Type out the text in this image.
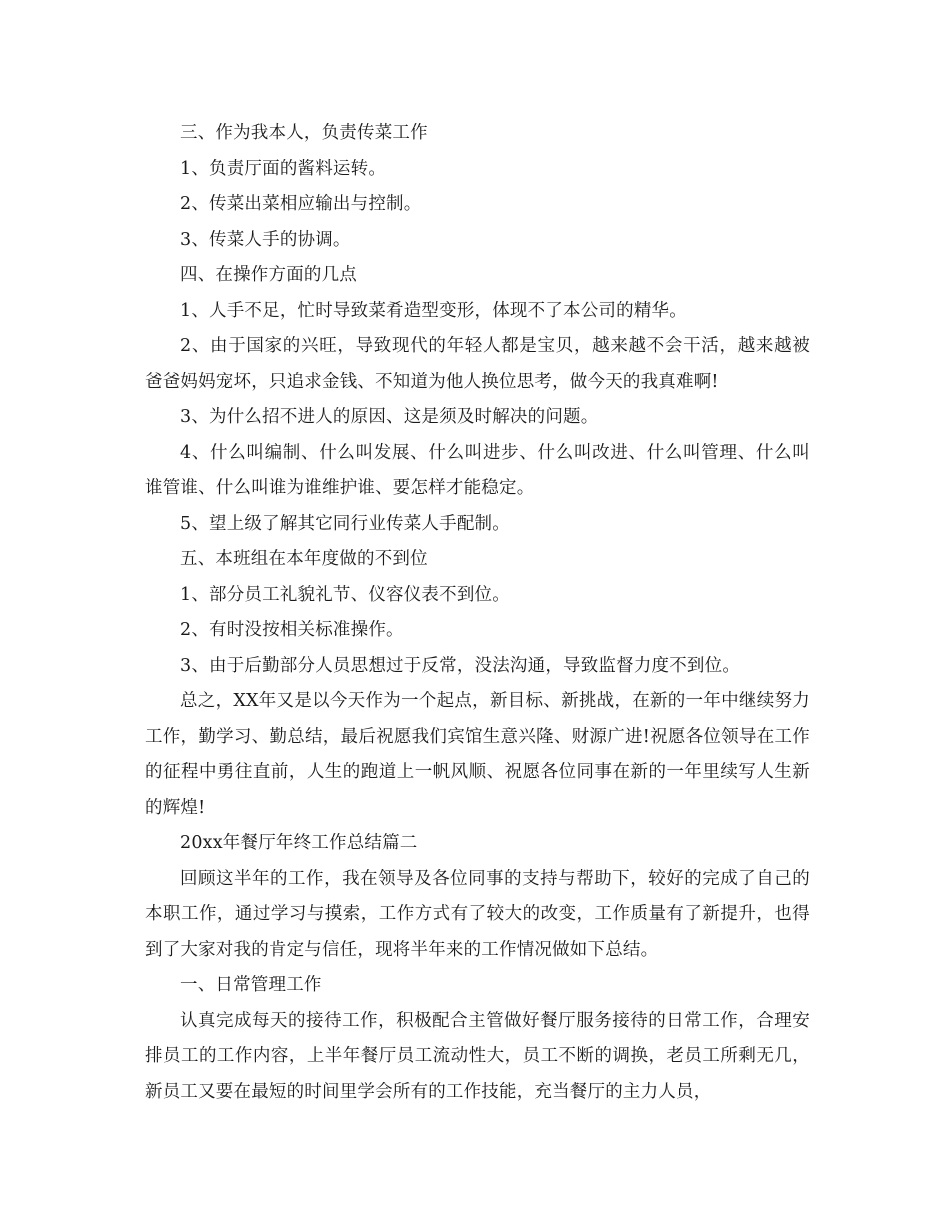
三、作为我本人，负责传菜工作

1、负责厅面的酱料运转。

2、传菜出菜相应输出与控制。

3、传菜人手的协调。

四、在操作方面的几点

1、人手不足，忙时导致菜肴造型变形，体现不了本公司的精华。

2、由于国家的兴旺，导致现代的年轻人都是宝贝，越来越不会干活，越来越被爸爸妈妈宠坏，只追求金钱、不知道为他人换位思考，做今天的我真难啊!

3、为什么招不进人的原因、这是须及时解决的问题。

4、什么叫编制、什么叫发展、什么叫进步、什么叫改进、什么叫管理、什么叫谁管谁、什么叫谁为谁维护谁、要怎样才能稳定。

5、望上级了解其它同行业传菜人手配制。

五、本班组在本年度做的不到位

1、部分员工礼貌礼节、仪容仪表不到位。

2、有时没按相关标准操作。

3、由于后勤部分人员思想过于反常，没法沟通，导致监督力度不到位。

总之，XX年又是以今天作为一个起点，新目标、新挑战，在新的一年中继续努力工作，勤学习、勤总结，最后祝愿我们宾馆生意兴隆、财源广进!祝愿各位领导在工作的征程中勇往直前，人生的跑道上一帆风顺、祝愿各位同事在新的一年里续写人生新的辉煌!

20xx年餐厅年终工作总结篇二

回顾这半年的工作，我在领导及各位同事的支持与帮助下，较好的完成了自己的本职工作，通过学习与摸索，工作方式有了较大的改变，工作质量有了新提升，也得到了大家对我的肯定与信任，现将半年来的工作情况做如下总结。

一、日常管理工作

认真完成每天的接待工作，积极配合主管做好餐厅服务接待的日常工作，合理安排员工的工作内容，上半年餐厅员工流动性大，员工不断的调换，老员工所剩无几，新员工又要在最短的时间里学会所有的工作技能，充当餐厅的主力人员，
